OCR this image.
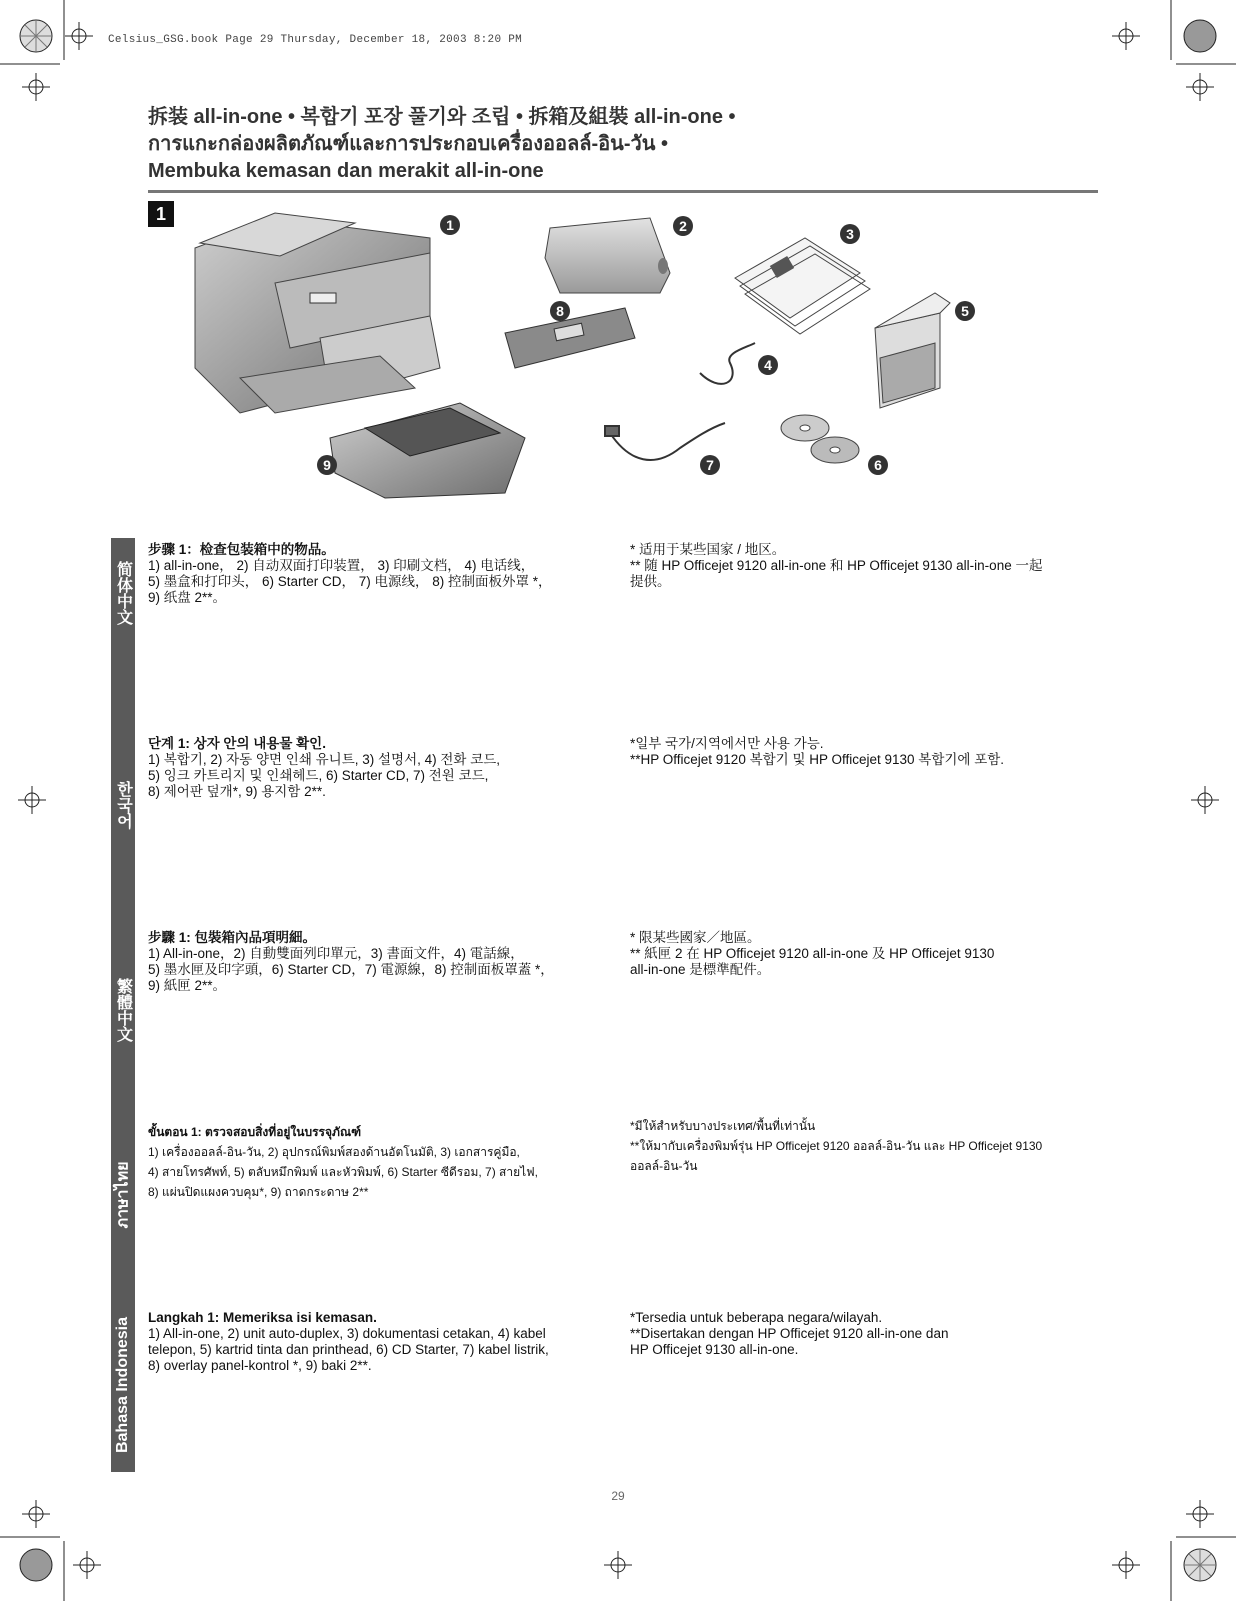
Celsius_GSG.book Page 29 Thursday, December 18, 2003 8:20 PM
拆装 all-in-one • 복합기 포장 풀기와 조립 • 拆箱及組裝 all-in-one •
การแกะกล่องผลิตภัณฑ์และการประกอบเครื่องออลล์-อิน-วัน •
Membuka kemasan dan merakit all-in-one
1
1	2	3
4
5
6
7
8
9
简体中文
한국어
繁體中文
ภาษาไทย
Bahasa Indonesia
步骤 1：检查包装箱中的物品。
1) all-in-one， 2) 自动双面打印装置， 3) 印刷文档， 4) 电话线，
5) 墨盒和打印头， 6) Starter CD， 7) 电源线， 8) 控制面板外罩 *，
9) 纸盘 2**。
* 适用于某些国家 / 地区。
** 随 HP Officejet 9120 all-in-one 和 HP Officejet 9130 all-in-one 一起
提供。
단계 1: 상자 안의 내용물 확인.
1) 복합기, 2) 자동 양면 인쇄 유니트, 3) 설명서, 4) 전화 코드,
5) 잉크 카트리지 및 인쇄헤드, 6) Starter CD, 7) 전원 코드,
8) 제어판 덮개*, 9) 용지함 2**.
*일부 국가/지역에서만 사용 가능.
**HP Officejet 9120 복합기 및 HP Officejet 9130 복합기에 포함.
步驟 1: 包裝箱內品項明細。
1) All-in-one，2) 自動雙面列印單元，3) 書面文件，4) 電話線，
5) 墨水匣及印字頭，6) Starter CD，7) 電源線，8) 控制面板罩蓋 *，
9) 紙匣 2**。
* 限某些國家／地區。
** 紙匣 2 在 HP Officejet 9120 all-in-one 及 HP Officejet 9130
all-in-one 是標準配件。
ขั้นตอน 1: ตรวจสอบสิ่งที่อยู่ในบรรจุภัณฑ์
1) เครื่องออลล์-อิน-วัน, 2) อุปกรณ์พิมพ์สองด้านอัตโนมัติ, 3) เอกสารคู่มือ,
4) สายโทรศัพท์, 5) ตลับหมึกพิมพ์ และหัวพิมพ์, 6) Starter ซีดีรอม, 7) สายไฟ,
8) แผ่นปิดแผงควบคุม*, 9) ถาดกระดาษ 2**
*มีให้สำหรับบางประเทศ/พื้นที่เท่านั้น
**ให้มากับเครื่องพิมพ์รุ่น HP Officejet 9120 ออลล์-อิน-วัน และ HP Officejet 9130
ออลล์-อิน-วัน
Langkah 1: Memeriksa isi kemasan.
1) All-in-one, 2) unit auto-duplex, 3) dokumentasi cetakan, 4) kabel
telepon, 5) kartrid tinta dan printhead, 6) CD Starter, 7) kabel listrik,
8) overlay panel-kontrol *, 9) baki 2**.
*Tersedia untuk beberapa negara/wilayah.
**Disertakan dengan HP Officejet 9120 all-in-one dan
HP Officejet 9130 all-in-one.
29
